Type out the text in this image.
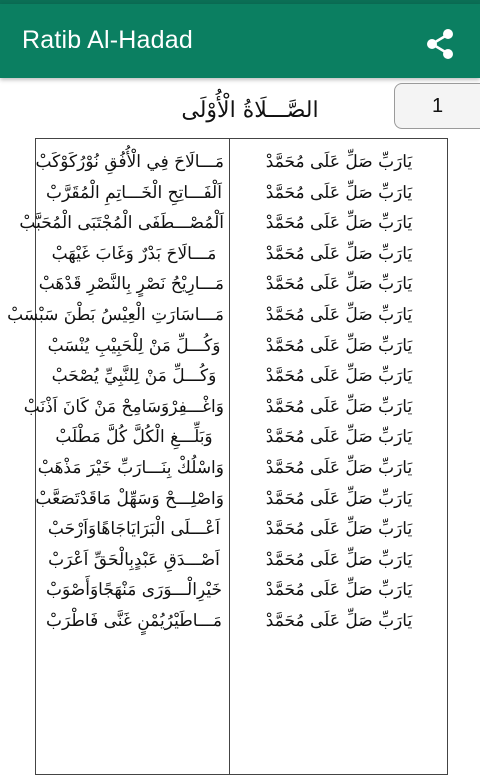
Ratib Al-Hadad
1
الصَّـــلَاةُ الْأُوْلَى
مَـــالَاحَ فِي الْأُفُقِ نُوْرُكَوْكَبْ	يَارَبِّ صَلِّ عَلَى مُحَمَّدْ
اَلْفَـــاتِحِ الْخَـــاتِمِ الْمُقَرَّبْ	يَارَبِّ صَلِّ عَلَى مُحَمَّدْ
اَلْمُصْـــطَفَى الْمُجْتَبَى الْمُحَبَّبْ	يَارَبِّ صَلِّ عَلَى مُحَمَّدْ
مَـــالَاحَ بَدْرٌ وَغَابَ غَيْهَبْ	يَارَبِّ صَلِّ عَلَى مُحَمَّدْ
مَـــارِيْحُ نَصْرٍ بِالنَّصْرِ قَدْهَبْ	يَارَبِّ صَلِّ عَلَى مُحَمَّدْ
مَـــاسَارَتِ الْعِيْسُ بَطْنَ سَبْسَبْ	يَارَبِّ صَلِّ عَلَى مُحَمَّدْ
وَكُـــلِّ مَنْ لِلْحَبِيْبِ يُنْسَبْ	يَارَبِّ صَلِّ عَلَى مُحَمَّدْ
وَكُـــلِّ مَنْ لِلنَّبِيِّ يُصْحَبْ	يَارَبِّ صَلِّ عَلَى مُحَمَّدْ
وَاغْـــفِرْوَسَامِحْ مَنْ كَانَ اَذْنَبْ	يَارَبِّ صَلِّ عَلَى مُحَمَّدْ
وَبَلِّـــغِ الْكُلَّ كُلَّ مَطْلَبْ	يَارَبِّ صَلِّ عَلَى مُحَمَّدْ
وَاسْلُكْ بِنَـــارَبِّ خَيْرَ مَذْهَبْ	يَارَبِّ صَلِّ عَلَى مُحَمَّدْ
وَاصْلِـــحْ وَسَهِّلْ مَاقَدْتَصَعَّبْ	يَارَبِّ صَلِّ عَلَى مُحَمَّدْ
اَعْـــلَى الْبَرَايَاجَاهًاوَاَرْحَبْ	يَارَبِّ صَلِّ عَلَى مُحَمَّدْ
اَصْـــدَقِ عَبْدٍبِالْحَقِّ اَعْرَبْ	يَارَبِّ صَلِّ عَلَى مُحَمَّدْ
خَيْرِالْـــوَرَى مَنْهَجًاوَأَصْوَبْ	يَارَبِّ صَلِّ عَلَى مُحَمَّدْ
مَـــاطَيْرُيُمْنٍ غَنَّى فَاطْرَبْ	يَارَبِّ صَلِّ عَلَى مُحَمَّدْ
